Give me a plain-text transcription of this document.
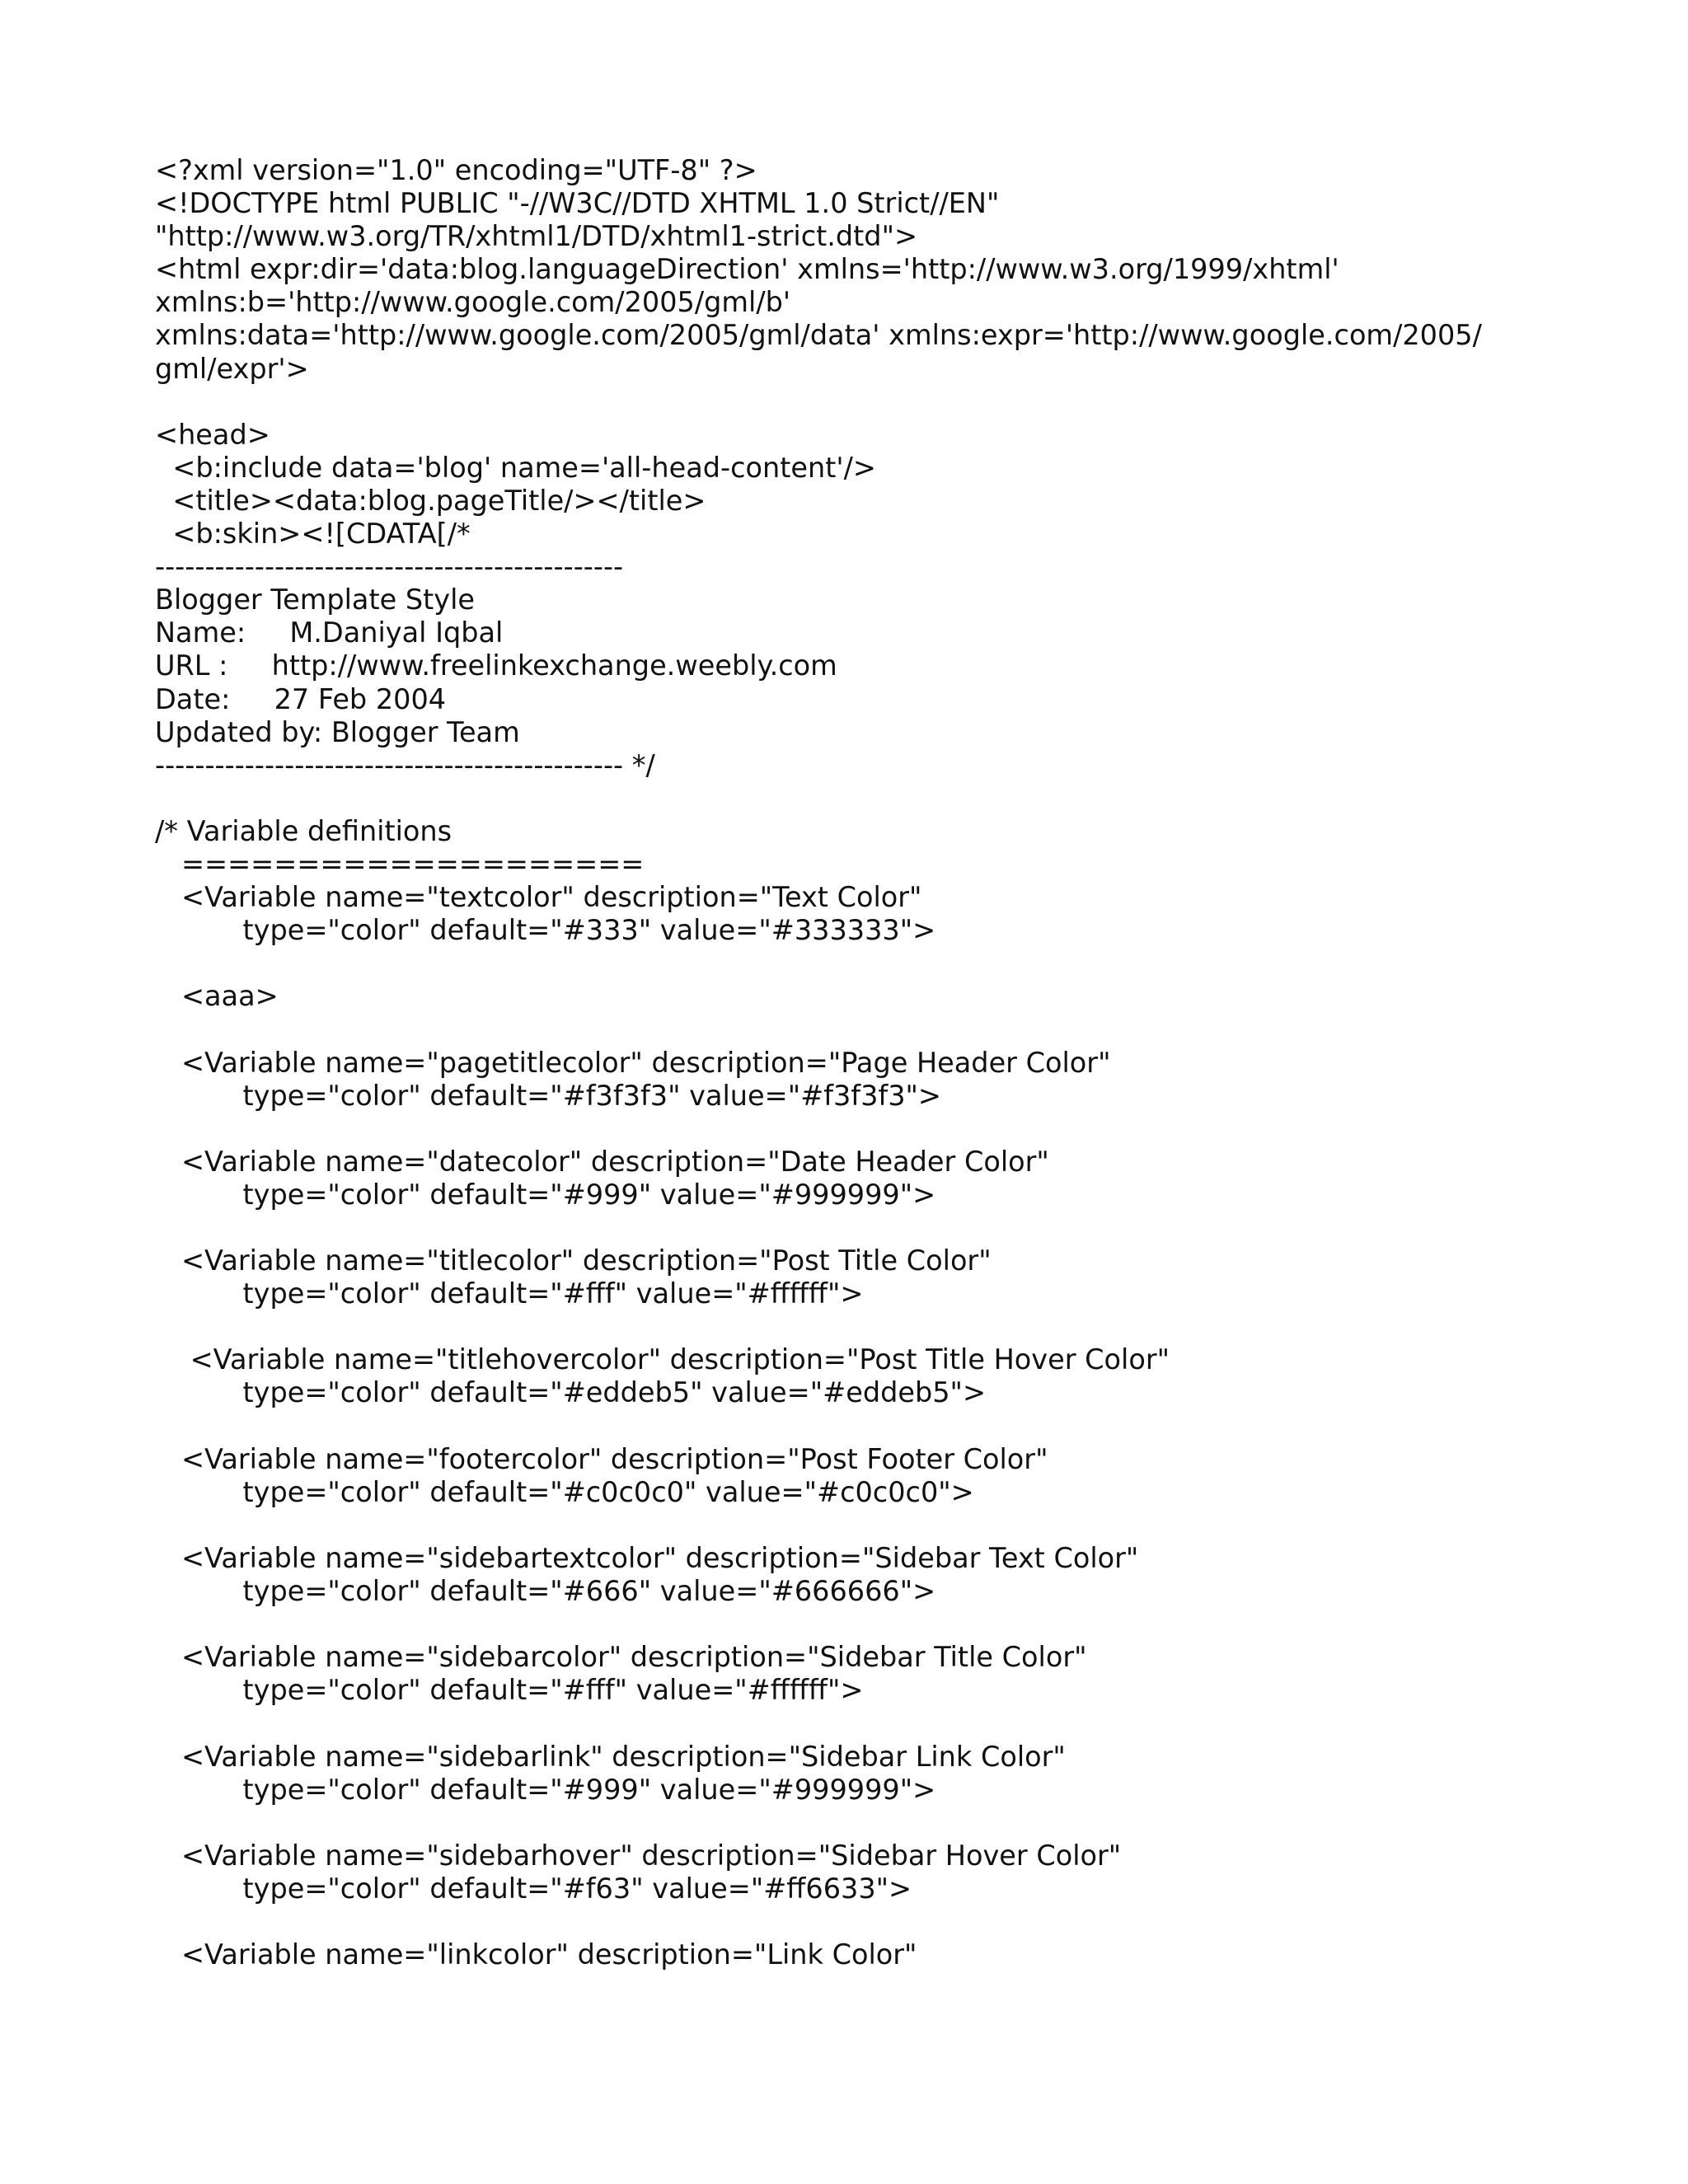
<?xml version="1.0" encoding="UTF-8" ?>
<!DOCTYPE html PUBLIC "-//W3C//DTD XHTML 1.0 Strict//EN"
"http://www.w3.org/TR/xhtml1/DTD/xhtml1-strict.dtd">
<html expr:dir='data:blog.languageDirection' xmlns='http://www.w3.org/1999/xhtml'
xmlns:b='http://www.google.com/2005/gml/b'
xmlns:data='http://www.google.com/2005/gml/data' xmlns:expr='http://www.google.com/2005/
gml/expr'>
<head>
<b:include data='blog' name='all-head-content'/>
<title><data:blog.pageTitle/></title>
<b:skin><![CDATA[/*
-----------------------------------------------
Blogger Template Style
Name:     M.Daniyal Iqbal
URL :     http://www.freelinkexchange.weebly.com
Date:     27 Feb 2004
Updated by: Blogger Team
----------------------------------------------- */
/* Variable definitions
====================
<Variable name="textcolor" description="Text Color"
type="color" default="#333" value="#333333">
<aaa>
<Variable name="pagetitlecolor" description="Page Header Color"
type="color" default="#f3f3f3" value="#f3f3f3">
<Variable name="datecolor" description="Date Header Color"
type="color" default="#999" value="#999999">
<Variable name="titlecolor" description="Post Title Color"
type="color" default="#fff" value="#ffffff">
<Variable name="titlehovercolor" description="Post Title Hover Color"
type="color" default="#eddeb5" value="#eddeb5">
<Variable name="footercolor" description="Post Footer Color"
type="color" default="#c0c0c0" value="#c0c0c0">
<Variable name="sidebartextcolor" description="Sidebar Text Color"
type="color" default="#666" value="#666666">
<Variable name="sidebarcolor" description="Sidebar Title Color"
type="color" default="#fff" value="#ffffff">
<Variable name="sidebarlink" description="Sidebar Link Color"
type="color" default="#999" value="#999999">
<Variable name="sidebarhover" description="Sidebar Hover Color"
type="color" default="#f63" value="#ff6633">
<Variable name="linkcolor" description="Link Color"
